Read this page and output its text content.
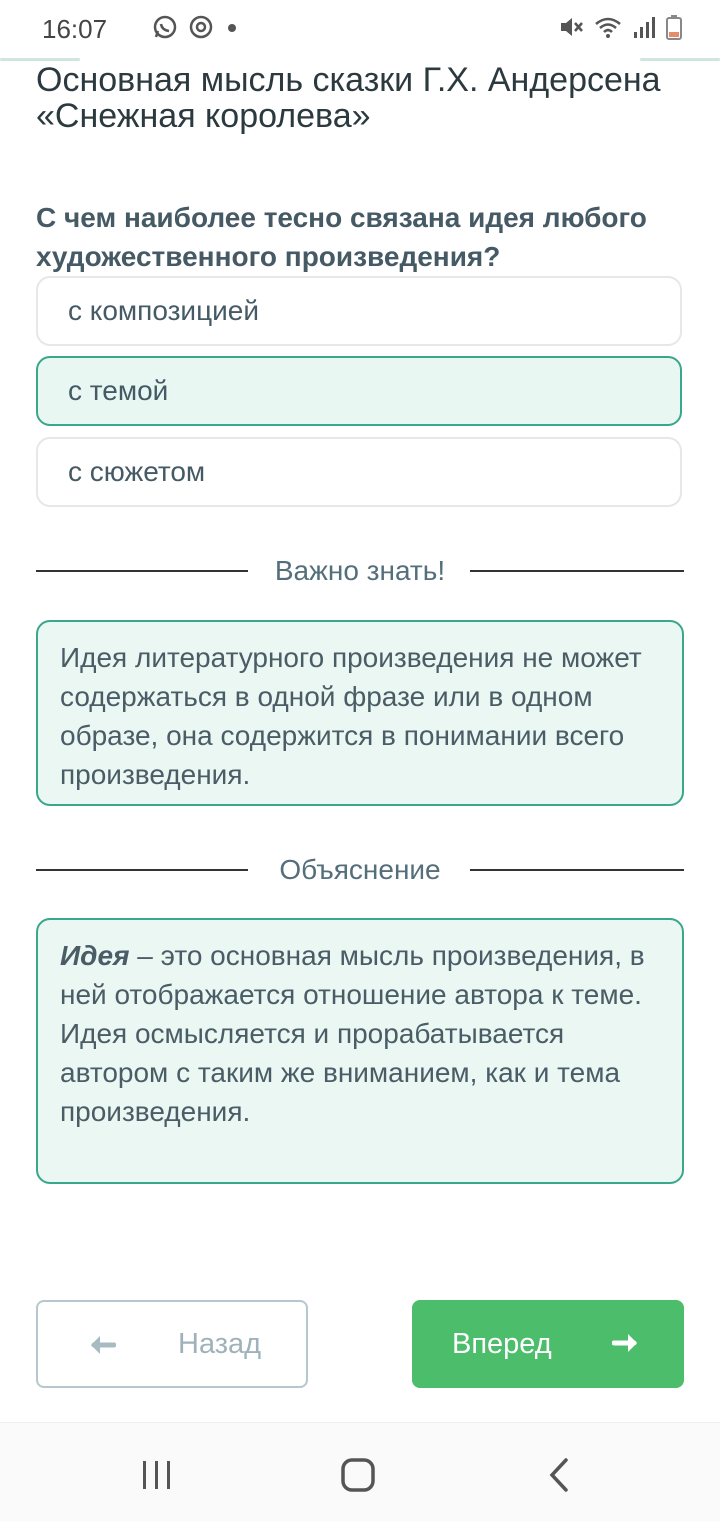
16:07
Основная мысль сказки Г.Х. Андерсена «Снежная королева»
С чем наиболее тесно связана идея любого художественного произведения?
с композицией
с темой
с сюжетом
Важно знать!
Идея литературного произведения не может содержаться в одной фразе или в одном образе, она содержится в понимании всего произведения.
Объяснение
Идея – это основная мысль произведения, в ней отображается отношение автора к теме. Идея осмысляется и прорабатывается автором с таким же вниманием, как и тема произведения.
Назад	Вперед
